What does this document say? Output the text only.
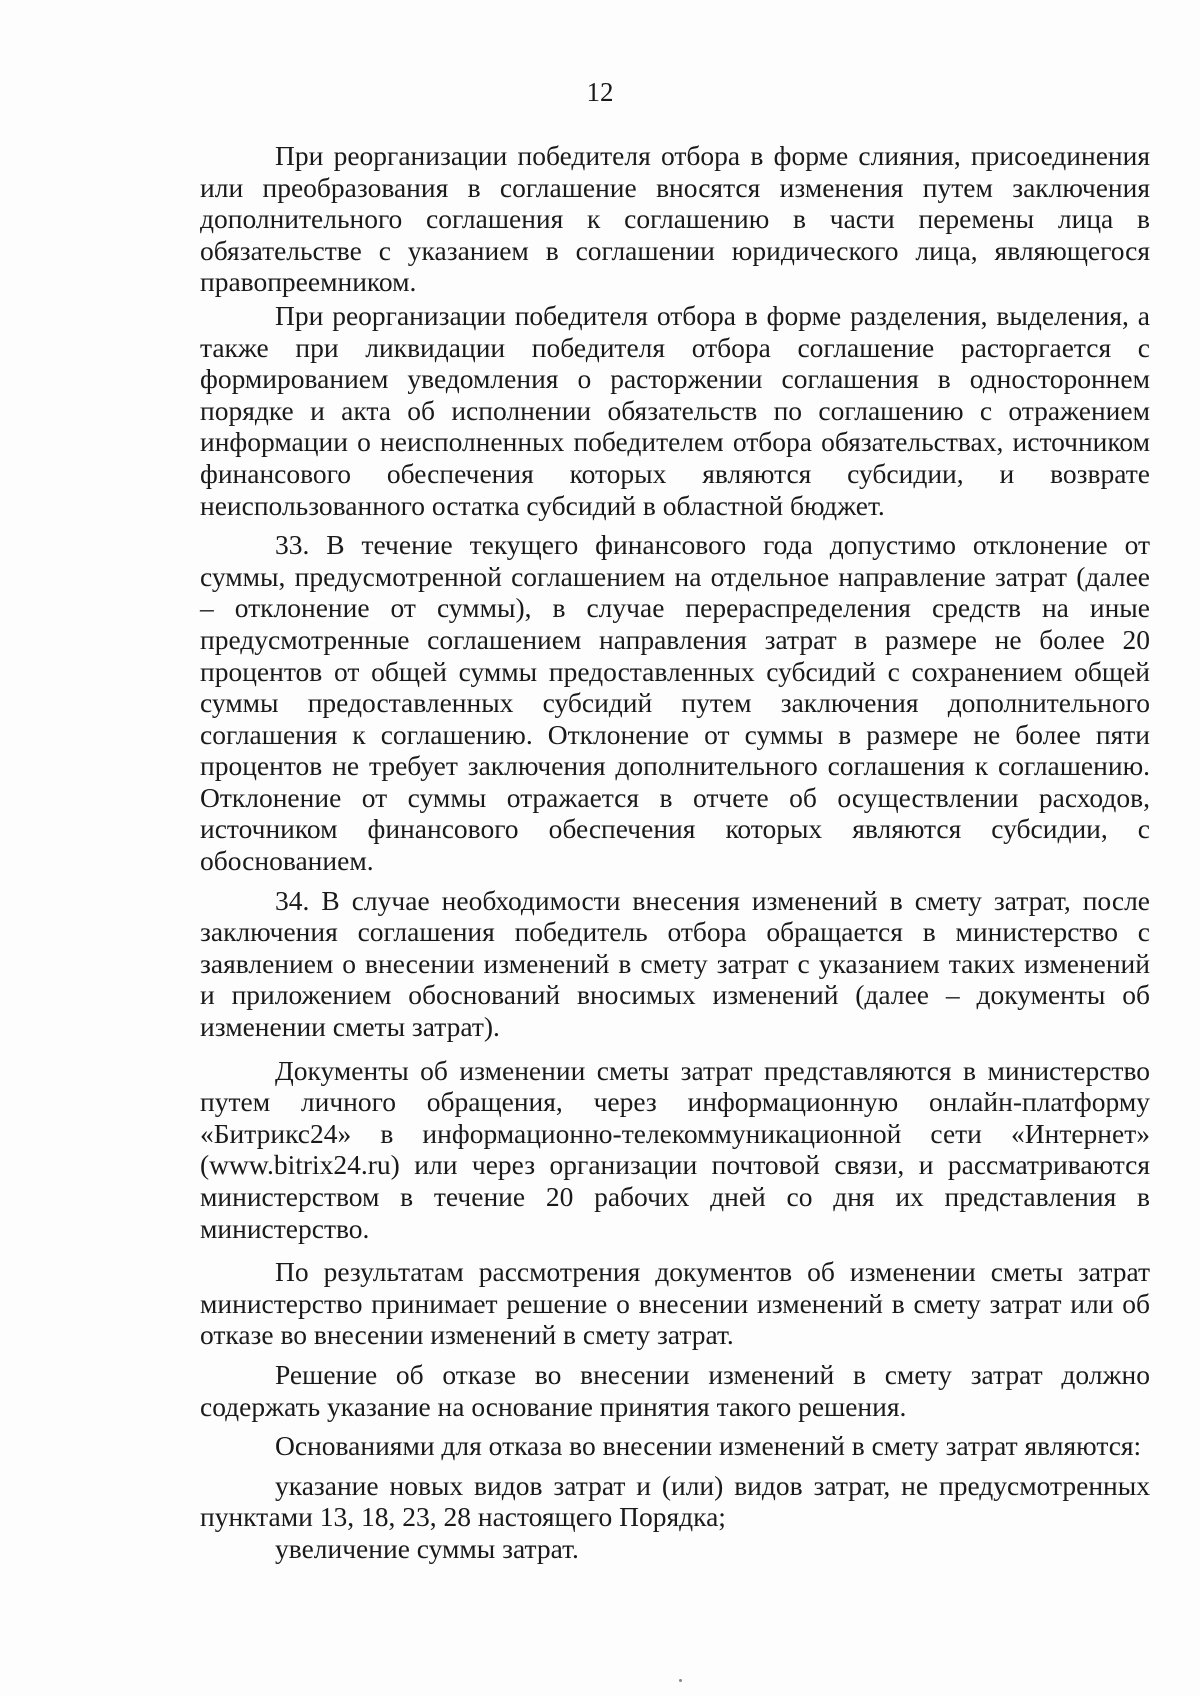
12

При реорганизации победителя отбора в форме слияния, присоединения или преобразования в соглашение вносятся изменения путем заключения дополнительного соглашения к соглашению в части перемены лица в обязательстве с указанием в соглашении юридического лица, являющегося правопреемником.

При реорганизации победителя отбора в форме разделения, выделения, а также при ликвидации победителя отбора соглашение расторгается с формированием уведомления о расторжении соглашения в одностороннем порядке и акта об исполнении обязательств по соглашению с отражением информации о неисполненных победителем отбора обязательствах, источником финансового обеспечения которых являются субсидии, и возврате неиспользованного остатка субсидий в областной бюджет.

33. В течение текущего финансового года допустимо отклонение от суммы, предусмотренной соглашением на отдельное направление затрат (далее – отклонение от суммы), в случае перераспределения средств на иные предусмотренные соглашением направления затрат в размере не более 20 процентов от общей суммы предоставленных субсидий с сохранением общей суммы предоставленных субсидий путем заключения дополнительного соглашения к соглашению. Отклонение от суммы в размере не более пяти процентов не требует заключения дополнительного соглашения к соглашению. Отклонение от суммы отражается в отчете об осуществлении расходов, источником финансового обеспечения которых являются субсидии, с обоснованием.

34. В случае необходимости внесения изменений в смету затрат, после заключения соглашения победитель отбора обращается в министерство с заявлением о внесении изменений в смету затрат с указанием таких изменений и приложением обоснований вносимых изменений (далее – документы об изменении сметы затрат).

Документы об изменении сметы затрат представляются в министерство путем личного обращения, через информационную онлайн-платформу «Битрикс24» в информационно-телекоммуникационной сети «Интернет» (www.bitrix24.ru) или через организации почтовой связи, и рассматриваются министерством в течение 20 рабочих дней со дня их представления в министерство.

По результатам рассмотрения документов об изменении сметы затрат министерство принимает решение о внесении изменений в смету затрат или об отказе во внесении изменений в смету затрат.

Решение об отказе во внесении изменений в смету затрат должно содержать указание на основание принятия такого решения.

Основаниями для отказа во внесении изменений в смету затрат являются:

указание новых видов затрат и (или) видов затрат, не предусмотренных пунктами 13, 18, 23, 28 настоящего Порядка;

увеличение суммы затрат.
